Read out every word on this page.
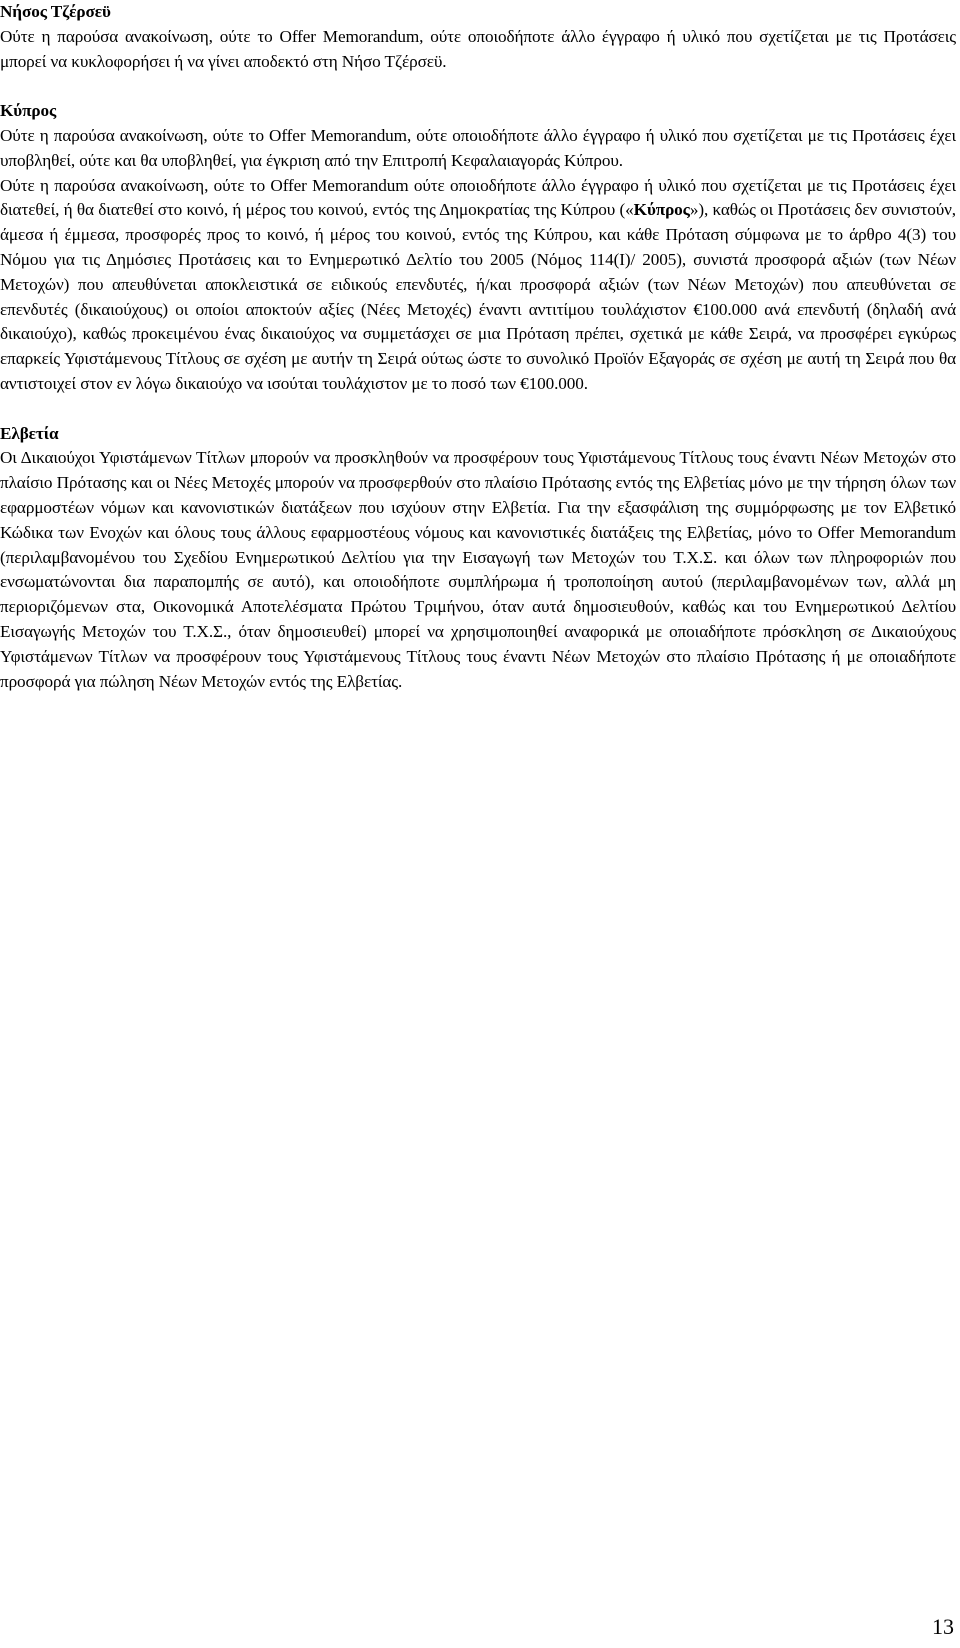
Νήσος Τζέρσεϋ

Ούτε η παρούσα ανακοίνωση, ούτε το Offer Memorandum, ούτε οποιοδήποτε άλλο έγγραφο ή υλικό που σχετίζεται με τις Προτάσεις μπορεί να κυκλοφορήσει ή να γίνει αποδεκτό στη Νήσο Τζέρσεϋ.

Κύπρος

Ούτε η παρούσα ανακοίνωση, ούτε το Offer Memorandum, ούτε οποιοδήποτε άλλο έγγραφο ή υλικό που σχετίζεται με τις Προτάσεις έχει υποβληθεί, ούτε και θα υποβληθεί, για έγκριση από την Επιτροπή Κεφαλαιαγοράς Κύπρου.

Ούτε η παρούσα ανακοίνωση, ούτε το Offer Memorandum ούτε οποιοδήποτε άλλο έγγραφο ή υλικό που σχετίζεται με τις Προτάσεις έχει διατεθεί, ή θα διατεθεί στο κοινό, ή μέρος του κοινού, εντός της Δημοκρατίας της Κύπρου («Κύπρος»), καθώς οι Προτάσεις δεν συνιστούν, άμεσα ή έμμεσα, προσφορές προς το κοινό, ή μέρος του κοινού, εντός της Κύπρου, και κάθε Πρόταση σύμφωνα με το άρθρο 4(3) του Νόμου για τις Δημόσιες Προτάσεις και το Ενημερωτικό Δελτίο του 2005 (Νόμος 114(Ι)/ 2005), συνιστά προσφορά αξιών (των Νέων Μετοχών) που απευθύνεται αποκλειστικά σε ειδικούς επενδυτές, ή/και προσφορά αξιών (των Νέων Μετοχών) που απευθύνεται σε επενδυτές (δικαιούχους) οι οποίοι αποκτούν αξίες (Νέες Μετοχές) έναντι αντιτίμου τουλάχιστον €100.000 ανά επενδυτή (δηλαδή ανά δικαιούχο), καθώς προκειμένου ένας δικαιούχος να συμμετάσχει σε μια Πρόταση πρέπει, σχετικά με κάθε Σειρά, να προσφέρει εγκύρως επαρκείς Υφιστάμενους Τίτλους σε σχέση με αυτήν τη Σειρά ούτως ώστε το συνολικό Προϊόν Εξαγοράς σε σχέση με αυτή τη Σειρά που θα αντιστοιχεί στον εν λόγω δικαιούχο να ισούται τουλάχιστον με το ποσό των €100.000.

Ελβετία

Οι Δικαιούχοι Υφιστάμενων Τίτλων μπορούν να προσκληθούν να προσφέρουν τους Υφιστάμενους Τίτλους τους έναντι Νέων Μετοχών στο πλαίσιο Πρότασης και οι Νέες Μετοχές μπορούν να προσφερθούν στο πλαίσιο Πρότασης εντός της Ελβετίας μόνο με την τήρηση όλων των εφαρμοστέων νόμων και κανονιστικών διατάξεων που ισχύουν στην Ελβετία. Για την εξασφάλιση της συμμόρφωσης με τον Ελβετικό Κώδικα των Ενοχών και όλους τους άλλους εφαρμοστέους νόμους και κανονιστικές διατάξεις της Ελβετίας, μόνο το Offer Memorandum (περιλαμβανομένου του Σχεδίου Ενημερωτικού Δελτίου για την Εισαγωγή των Μετοχών του Τ.Χ.Σ. και όλων των πληροφοριών που ενσωματώνονται δια παραπομπής σε αυτό), και οποιοδήποτε συμπλήρωμα ή τροποποίηση αυτού (περιλαμβανομένων των, αλλά μη περιοριζόμενων στα, Οικονομικά Αποτελέσματα Πρώτου Τριμήνου, όταν αυτά δημοσιευθούν, καθώς και του Ενημερωτικού Δελτίου Εισαγωγής Μετοχών του Τ.Χ.Σ., όταν δημοσιευθεί) μπορεί να χρησιμοποιηθεί αναφορικά με οποιαδήποτε πρόσκληση σε Δικαιούχους Υφιστάμενων Τίτλων να προσφέρουν τους Υφιστάμενους Τίτλους τους έναντι Νέων Μετοχών στο πλαίσιο Πρότασης ή με οποιαδήποτε προσφορά για πώληση Νέων Μετοχών εντός της Ελβετίας.

13
